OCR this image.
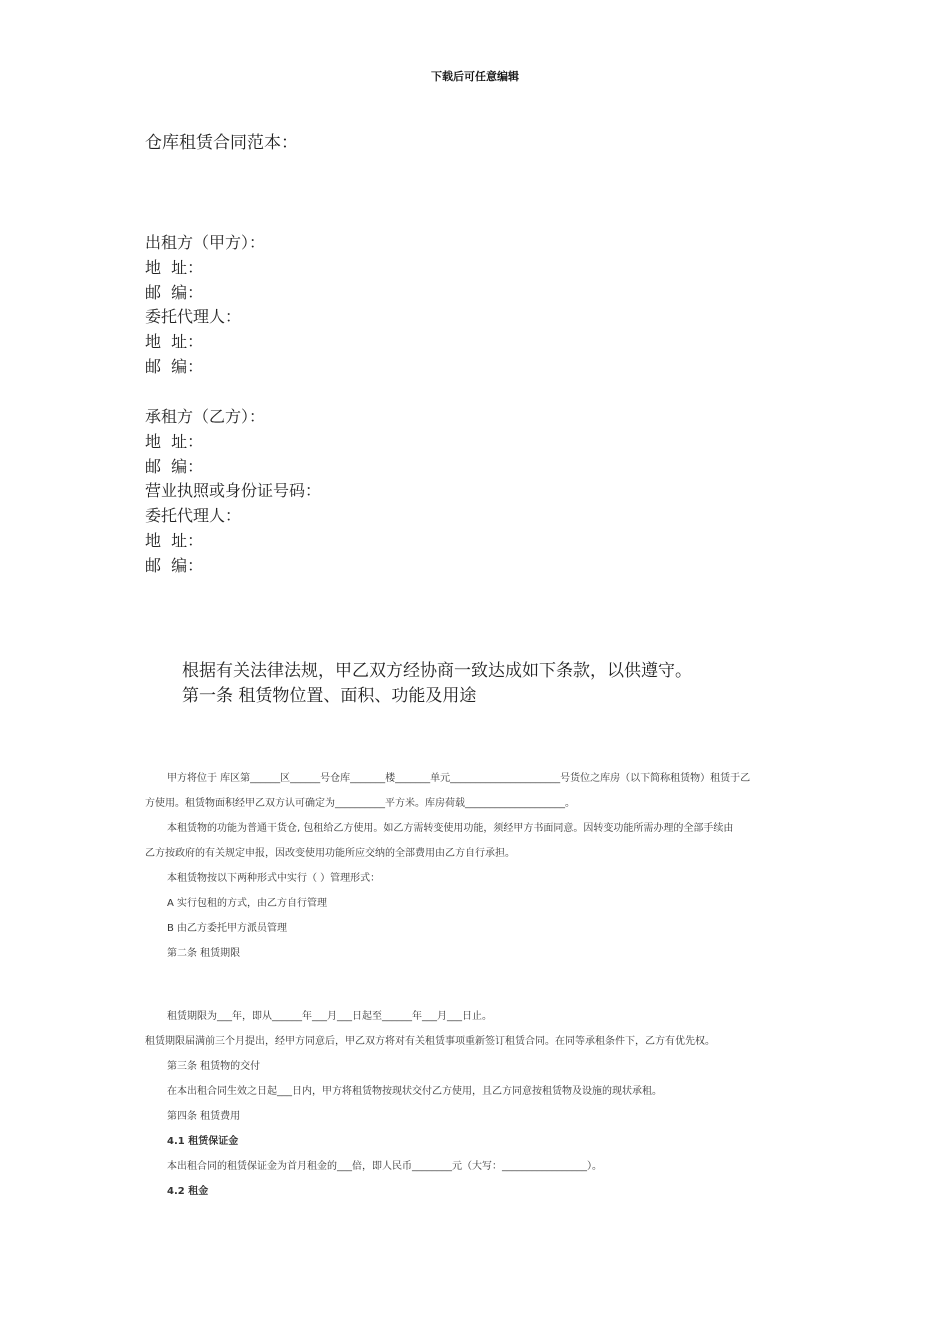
下载后可任意编辑
仓库租赁合同范本：
出租方（甲方）：
地  址：
邮  编：
委托代理人：
地  址：
邮  编：
承租方（乙方）：
地  址：
邮  编：
营业执照或身份证号码：
委托代理人：
地  址：
邮  编：
根据有关法律法规，甲乙双方经协商一致达成如下条款，以供遵守。
第一条 租赁物位置、面积、功能及用途
甲方将位于 库区第______区______号仓库_______楼_______单元______________________号货位之库房（以下简称租赁物）租赁于乙
方使用。租赁物面积经甲乙双方认可确定为__________平方米。库房荷载____________________。
本租赁物的功能为普通干货仓, 包租给乙方使用。如乙方需转变使用功能，须经甲方书面同意。因转变功能所需办理的全部手续由
乙方按政府的有关规定申报，因改变使用功能所应交纳的全部费用由乙方自行承担。
本租赁物按以下两种形式中实行（ ）管理形式：
A 实行包租的方式，由乙方自行管理
B 由乙方委托甲方派员管理
第二条 租赁期限
租赁期限为___年，即从______年___月___日起至______年___月___日止。
租赁期限届满前三个月提出，经甲方同意后，甲乙双方将对有关租赁事项重新签订租赁合同。在同等承租条件下，乙方有优先权。
第三条 租赁物的交付
在本出租合同生效之日起___日内，甲方将租赁物按现状交付乙方使用，且乙方同意按租赁物及设施的现状承租。
第四条 租赁费用
4.1 租赁保证金
本出租合同的租赁保证金为首月租金的___倍，即人民币________元（大写：_________________）。
4.2 租金
